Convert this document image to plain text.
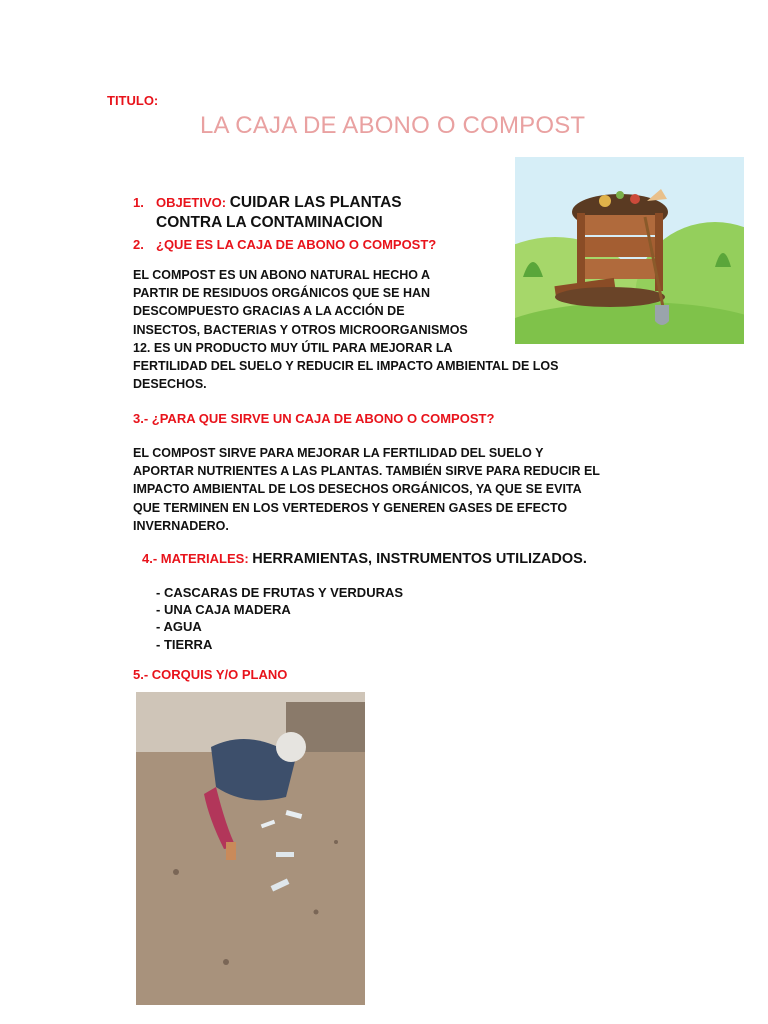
TITULO:
LA CAJA DE ABONO O COMPOST
1. OBJETIVO: CUIDAR LAS PLANTAS
CONTRA LA CONTAMINACION
2. ¿QUE ES LA CAJA DE ABONO O COMPOST?
EL COMPOST ES UN ABONO NATURAL HECHO A
PARTIR DE RESIDUOS ORGÁNICOS QUE SE HAN
DESCOMPUESTO GRACIAS A LA ACCIÓN DE
INSECTOS, BACTERIAS Y OTROS MICROORGANISMOS
12. ES UN PRODUCTO MUY ÚTIL PARA MEJORAR LA
FERTILIDAD DEL SUELO Y REDUCIR EL IMPACTO AMBIENTAL DE LOS
DESECHOS.
3.- ¿PARA QUE SIRVE UN CAJA DE ABONO O COMPOST?
EL COMPOST SIRVE PARA MEJORAR LA FERTILIDAD DEL SUELO Y
APORTAR NUTRIENTES A LAS PLANTAS. TAMBIÉN SIRVE PARA REDUCIR EL
IMPACTO AMBIENTAL DE LOS DESECHOS ORGÁNICOS, YA QUE SE EVITA
QUE TERMINEN EN LOS VERTEDEROS Y GENEREN GASES DE EFECTO
INVERNADERO.
4.- MATERIALES: HERRAMIENTAS, INSTRUMENTOS UTILIZADOS.
- CASCARAS DE FRUTAS Y VERDURAS
- UNA CAJA MADERA
- AGUA
- TIERRA
5.- CORQUIS Y/O PLANO
